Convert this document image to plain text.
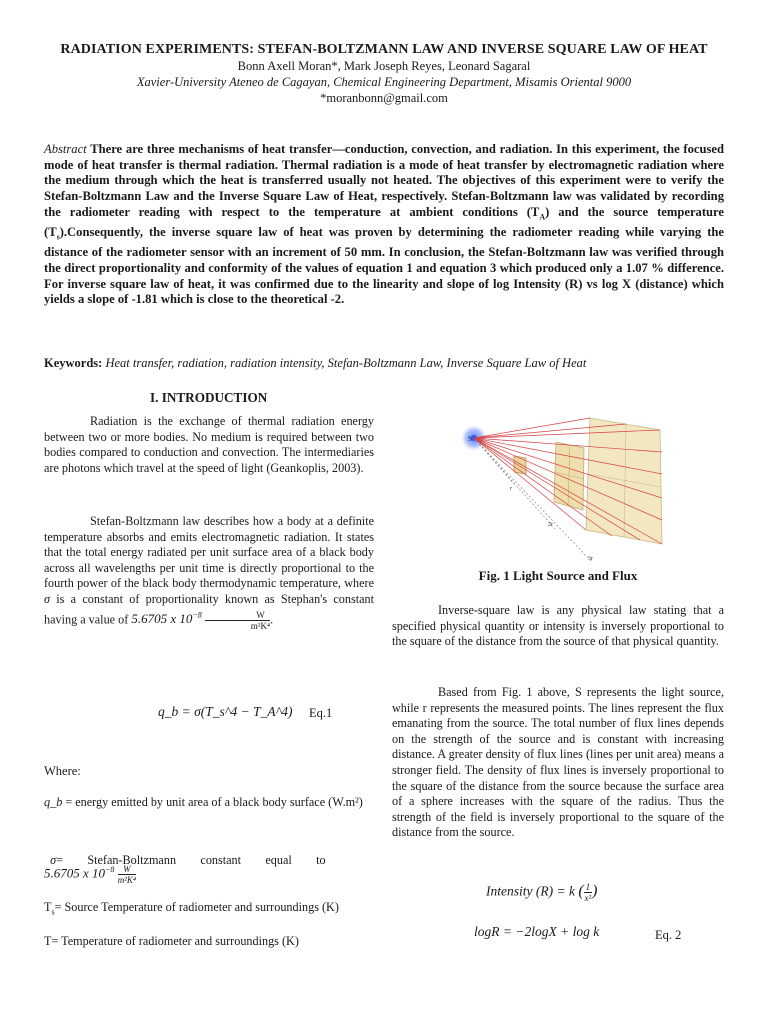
RADIATION EXPERIMENTS: STEFAN-BOLTZMANN LAW AND INVERSE SQUARE LAW OF HEAT
Bonn Axell Moran*, Mark Joseph Reyes, Leonard Sagaral
Xavier-University Ateneo de Cagayan, Chemical Engineering Department, Misamis Oriental 9000
*moranbonn@gmail.com
Abstract There are three mechanisms of heat transfer—conduction, convection, and radiation. In this experiment, the focused mode of heat transfer is thermal radiation. Thermal radiation is a mode of heat transfer by electromagnetic radiation where the medium through which the heat is transferred usually not heated. The objectives of this experiment were to verify the Stefan-Boltzmann Law and the Inverse Square Law of Heat, respectively. Stefan-Boltzmann law was validated by recording the radiometer reading with respect to the temperature at ambient conditions $(T_A)$ and the source temperature $(T_s).Consequently$, the inverse square law of heat was proven by determining the radiometer reading while varying the distance of the radiometer sensor with an increment of 50 mm. In conclusion, the Stefan-Boltzmann law was verified through the direct proportionality and conformity of the values of equation 1 and equation 3 which produced only a 1.07 % difference. For inverse square law of heat, it was confirmed due to the linearity and slope of log Intensity (R) vs log X (distance) which yields a slope of -1.81 which is close to the theoretical -2.
Keywords: Heat transfer, radiation, radiation intensity, Stefan-Boltzmann Law, Inverse Square Law of Heat
I. INTRODUCTION

Radiation is the exchange of thermal radiation energy between two or more bodies. No medium is required between two bodies compared to conduction and convection. The intermediaries are photons which travel at the speed of light (Geankoplis, 2003).

Stefan-Boltzmann law describes how a body at a definite temperature absorbs and emits electromagnetic radiation. It states that the total energy radiated per unit surface area of a black body across all wavelengths per unit time is directly proportional to the fourth power of the black body thermodynamic temperature, where σ is a constant of proportionality known as Stephan's constant having a value of 5.6705 x $10^{-8} \frac{W}{\text{m²K⁴}}$ .

q_b = σ(T_s^4 − T_A^4) Eq.1
Where:
q_b = energy emitted by unit area of a black body surface (W.m²)

σ=        Stefan-Boltzmann        constant        equal        to

5.6705 x $10^{-8} \frac{W}{\text{m²K⁴}}$
$T_s=$ Source Temperature of radiometer and surroundings (K)
T= Temperature of radiometer and surroundings (K)
S
r
2r
3r
Fig. 1 Light Source and Flux

Inverse-square law is any physical law stating that a specified physical quantity or intensity is inversely proportional to the square of the distance from the source of that physical quantity.

Based from Fig. 1 above, S represents the light source, while r represents the measured points. The lines represent the flux emanating from the source. The total number of flux lines depends on the strength of the source and is constant with increasing distance. A greater density of flux lines (lines per unit area) means a stronger field. The density of flux lines is inversely proportional to the square of the distance from the source because the surface area of a sphere increases with the square of the radius. Thus the strength of the field is inversely proportional to the square of the distance from the source.

Intensity (R) = k ( $\frac{1}{\text{x²}}$ )
logR = −2logX + log k	Eq. 2
